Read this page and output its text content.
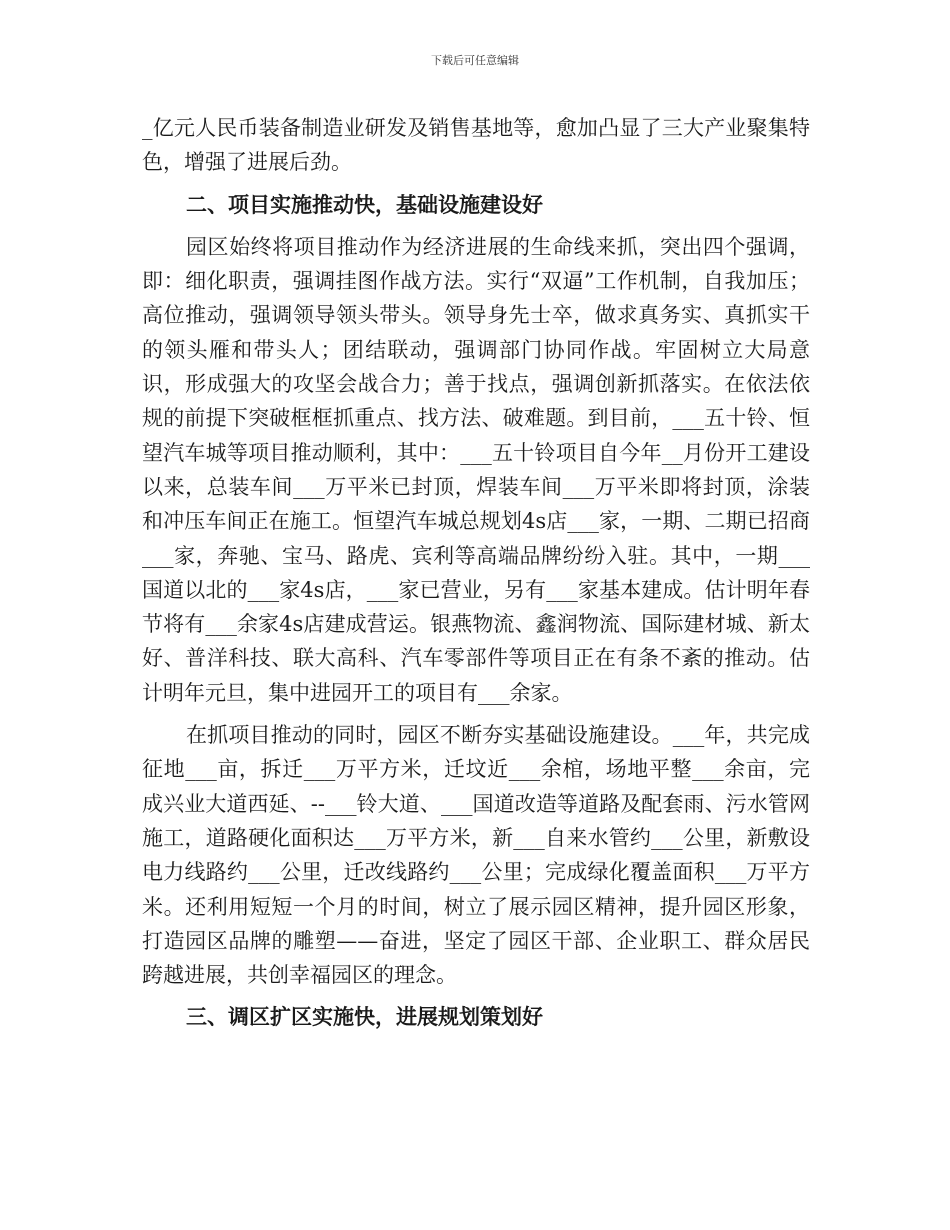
下载后可任意编辑

_亿元人民币装备制造业研发及销售基地等，愈加凸显了三大产业聚集特色，增强了进展后劲。

二、项目实施推动快，基础设施建设好

园区始终将项目推动作为经济进展的生命线来抓，突出四个强调，即：细化职责，强调挂图作战方法。实行“双逼”工作机制，自我加压；高位推动，强调领导领头带头。领导身先士卒，做求真务实、真抓实干的领头雁和带头人；团结联动，强调部门协同作战。牢固树立大局意识，形成强大的攻坚会战合力；善于找点，强调创新抓落实。在依法依规的前提下突破框框抓重点、找方法、破难题。到目前，___五十铃、恒望汽车城等项目推动顺利，其中：___五十铃项目自今年__月份开工建设以来，总装车间___万平米已封顶，焊装车间___万平米即将封顶，涂装和冲压车间正在施工。恒望汽车城总规划4s店___家，一期、二期已招商___家，奔驰、宝马、路虎、宾利等高端品牌纷纷入驻。其中，一期___国道以北的___家4s店，___家已营业，另有___家基本建成。估计明年春节将有___余家4s店建成营运。银燕物流、鑫润物流、国际建材城、新太好、普洋科技、联大高科、汽车零部件等项目正在有条不紊的推动。估计明年元旦，集中进园开工的项目有___余家。

在抓项目推动的同时，园区不断夯实基础设施建设。___年，共完成征地___亩，拆迁___万平方米，迁坟近___余棺，场地平整___余亩，完成兴业大道西延、--___铃大道、___国道改造等道路及配套雨、污水管网施工，道路硬化面积达___万平方米，新___自来水管约___公里，新敷设电力线路约___公里，迁改线路约___公里；完成绿化覆盖面积___万平方米。还利用短短一个月的时间，树立了展示园区精神，提升园区形象，打造园区品牌的雕塑——奋进，坚定了园区干部、企业职工、群众居民跨越进展，共创幸福园区的理念。

三、调区扩区实施快，进展规划策划好
